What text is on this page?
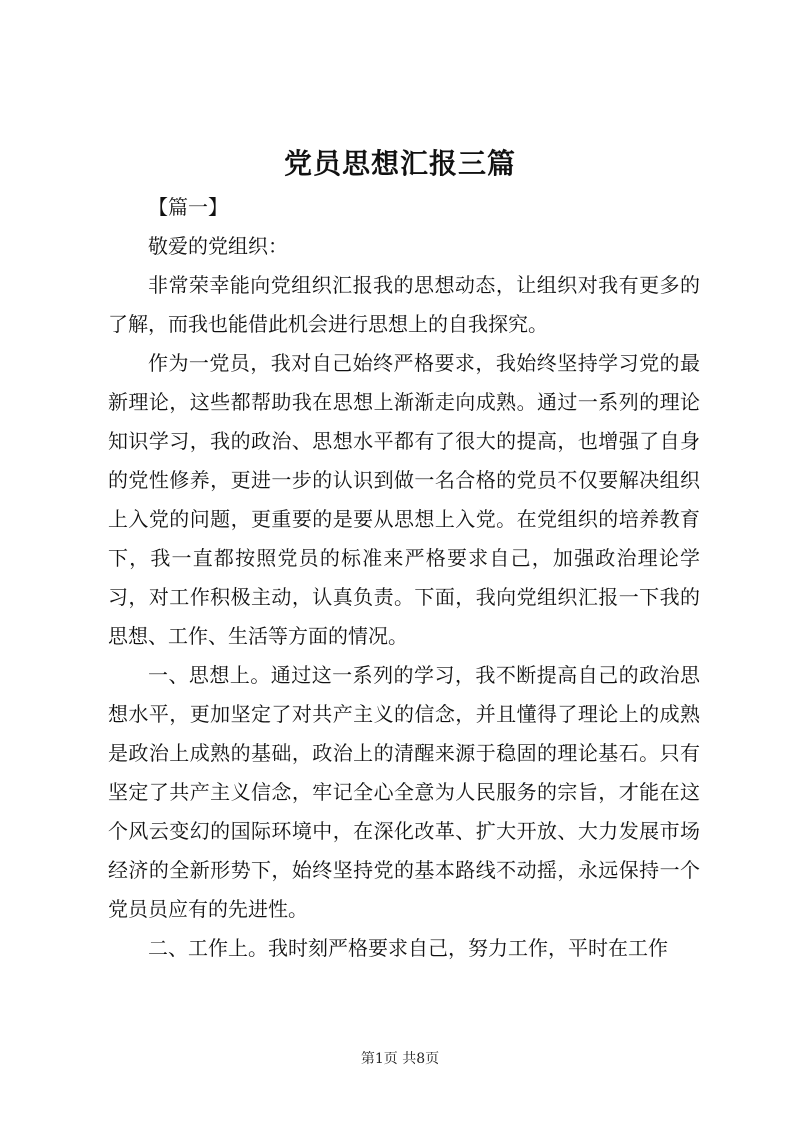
党员思想汇报三篇

【篇一】

敬爱的党组织：

非常荣幸能向党组织汇报我的思想动态，让组织对我有更多的了解，而我也能借此机会进行思想上的自我探究。

作为一党员，我对自己始终严格要求，我始终坚持学习党的最新理论，这些都帮助我在思想上渐渐走向成熟。通过一系列的理论知识学习，我的政治、思想水平都有了很大的提高，也增强了自身的党性修养，更进一步的认识到做一名合格的党员不仅要解决组织上入党的问题，更重要的是要从思想上入党。在党组织的培养教育下，我一直都按照党员的标准来严格要求自己，加强政治理论学习，对工作积极主动，认真负责。下面，我向党组织汇报一下我的思想、工作、生活等方面的情况。

一、思想上。通过这一系列的学习，我不断提高自己的政治思想水平，更加坚定了对共产主义的信念，并且懂得了理论上的成熟是政治上成熟的基础，政治上的清醒来源于稳固的理论基石。只有坚定了共产主义信念，牢记全心全意为人民服务的宗旨，才能在这个风云变幻的国际环境中，在深化改革、扩大开放、大力发展市场经济的全新形势下，始终坚持党的基本路线不动摇，永远保持一个党员员应有的先进性。

二、工作上。我时刻严格要求自己，努力工作，平时在工作

第1页 共8页
